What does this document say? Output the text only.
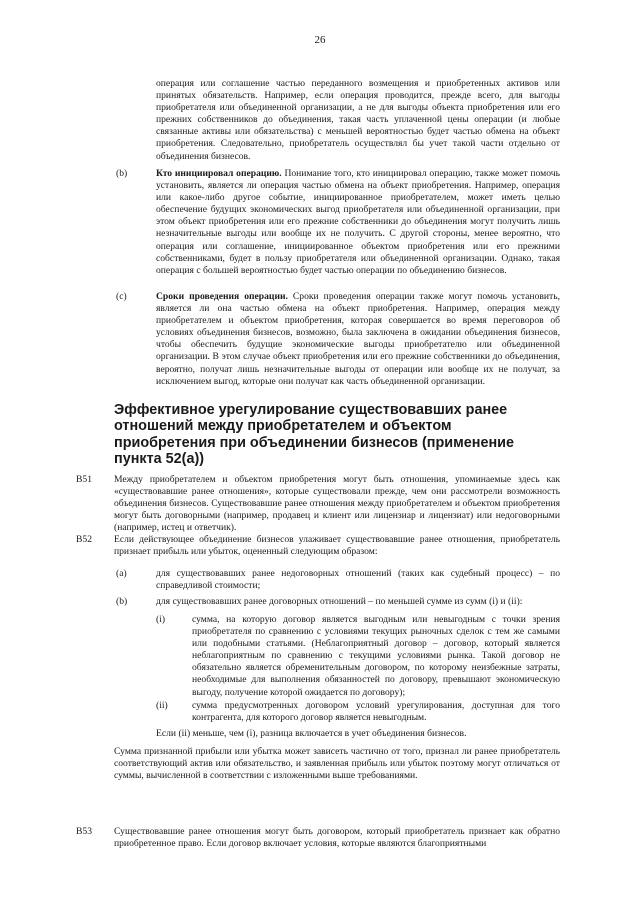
26

операция или соглашение частью переданного возмещения и приобретенных активов или принятых обязательств. Например, если операция проводится, прежде всего, для выгоды приобретателя или объединенной организации, а не для выгоды объекта приобретения или его прежних собственников до объединения, такая часть уплаченной цены операции (и любые связанные активы или обязательства) с меньшей вероятностью будет частью обмена на объект приобретения. Следовательно, приобретатель осуществлял бы учет такой части отдельно от объединения бизнесов.

(b)	Кто инициировал операцию. Понимание того, кто инициировал операцию, также может помочь установить, является ли операция частью обмена на объект приобретения. Например, операция или какое-либо другое событие, инициированное приобретателем, может иметь целью обеспечение будущих экономических выгод приобретателя или объединенной организации, при этом объект приобретения или его прежние собственники до объединения могут получить лишь незначительные выгоды или вообще их не получить. С другой стороны, менее вероятно, что операция или соглашение, инициированное объектом приобретения или его прежними собственниками, будет в пользу приобретателя или объединенной организации. Однако, такая операция с большей вероятностью будет частью операции по объединению бизнесов.

(c)	Сроки проведения операции. Сроки проведения операции также могут помочь установить, является ли она частью обмена на объект приобретения. Например, операция между приобретателем и объектом приобретения, которая совершается во время переговоров об условиях объединения бизнесов, возможно, была заключена в ожидании объединения бизнесов, чтобы обеспечить будущие экономические выгоды приобретателю или объединенной организации. В этом случае объект приобретения или его прежние собственники до объединения, вероятно, получат лишь незначительные выгоды от операции или вообще их не получат, за исключением выгод, которые они получат как часть объединенной организации.

Эффективное урегулирование существовавших ранее отношений между приобретателем и объектом приобретения при объединении бизнесов (применение пункта 52(а))
B51 Между приобретателем и объектом приобретения могут быть отношения, упоминаемые здесь как «существовавшие ранее отношения», которые существовали прежде, чем они рассмотрели возможность объединения бизнесов. Существовавшие ранее отношения между приобретателем и объектом приобретения могут быть договорными (например, продавец и клиент или лицензиар и лицензиат) или недоговорными (например, истец и ответчик).

B52 Если действующее объединение бизнесов улаживает существовавшие ранее отношения, приобретатель признает прибыль или убыток, оцененный следующим образом:

(a)	для существовавших ранее недоговорных отношений (таких как судебный процесс) – по справедливой стоимости;

(b)	для существовавших ранее договорных отношений – по меньшей сумме из сумм (i) и (ii):

(i)	сумма, на которую договор является выгодным или невыгодным с точки зрения приобретателя по сравнению с условиями текущих рыночных сделок с тем же самыми или подобными статьями. (Неблагоприятный договор – договор, который является неблагоприятным по сравнению с текущими условиями рынка. Такой договор не обязательно является обременительным договором, по которому неизбежные затраты, необходимые для выполнения обязанностей по договору, превышают экономическую выгоду, получение которой ожидается по договору);

(ii)	сумма предусмотренных договором условий урегулирования, доступная для того контрагента, для которого договор является невыгодным.

Если (ii) меньше, чем (i), разница включается в учет объединения бизнесов.

Сумма признанной прибыли или убытка может зависеть частично от того, признал ли ранее приобретатель соответствующий актив или обязательство, и заявленная прибыль или убыток поэтому могут отличаться от суммы, вычисленной в соответствии с изложенными выше требованиями.

B53 Существовавшие ранее отношения могут быть договором, который приобретатель признает как обратно приобретенное право. Если договор включает условия, которые являются благоприятными
